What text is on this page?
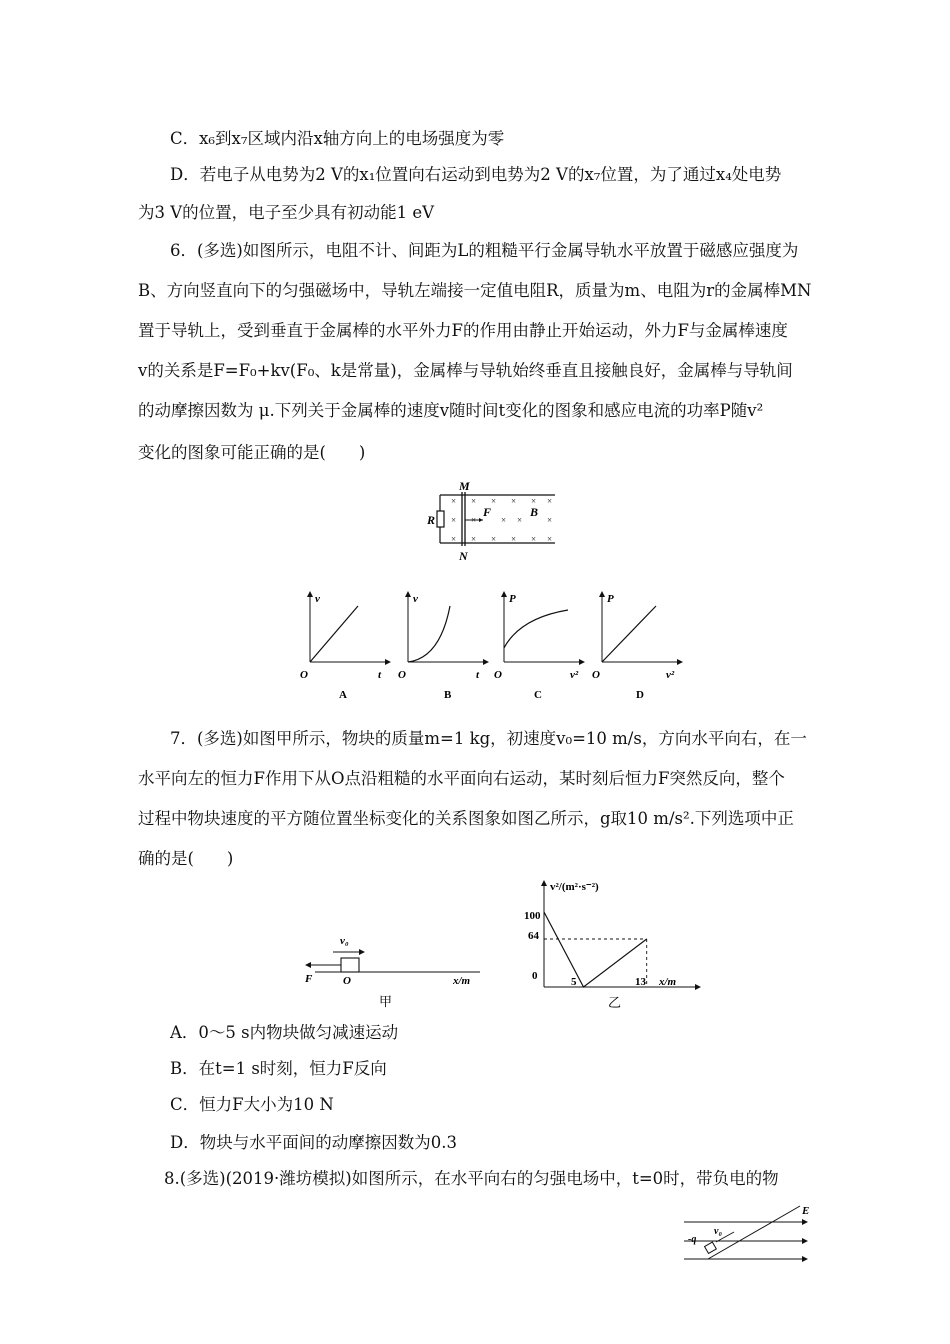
C．x₆到x₇区域内沿x轴方向上的电场强度为零
D．若电子从电势为2 V的x₁位置向右运动到电势为2 V的x₇位置，为了通过x₄处电势
为3 V的位置，电子至少具有初动能1 eV
6．(多选)如图所示，电阻不计、间距为L的粗糙平行金属导轨水平放置于磁感应强度为
B、方向竖直向下的匀强磁场中，导轨左端接一定值电阻R，质量为m、电阻为r的金属棒MN
置于导轨上，受到垂直于金属棒的水平外力F的作用由静止开始运动，外力F与金属棒速度
v的关系是F=F₀+kv(F₀、k是常量)，金属棒与导轨始终垂直且接触良好，金属棒与导轨间
的动摩擦因数为 μ.下列关于金属棒的速度v随时间t变化的图象和感应电流的功率P随v²
变化的图象可能正确的是(　　)
M
N
R
F	B
× × × × × ×
× ×	× ×	×
× × × × × ×
v
t
O
A
v
t
O
B
P
v²
O
C
P
v²
O
D
7．(多选)如图甲所示，物块的质量m=1 kg，初速度v₀=10 m/s，方向水平向右，在一
水平向左的恒力F作用下从O点沿粗糙的水平面向右运动，某时刻后恒力F突然反向，整个
过程中物块速度的平方随位置坐标变化的关系图象如图乙所示，g取10 m/s².下列选项中正
确的是(　　)
v₀
F	O	x/m
甲
v²/(m²·s⁻²)
100
64
0	5	13 x/m
乙
A．0～5 s内物块做匀减速运动
B．在t=1 s时刻，恒力F反向
C．恒力F大小为10 N
D．物块与水平面间的动摩擦因数为0.3
8.(多选)(2019·潍坊模拟)如图所示，在水平向右的匀强电场中，t=0时，带负电的物
E
-q
v₀
